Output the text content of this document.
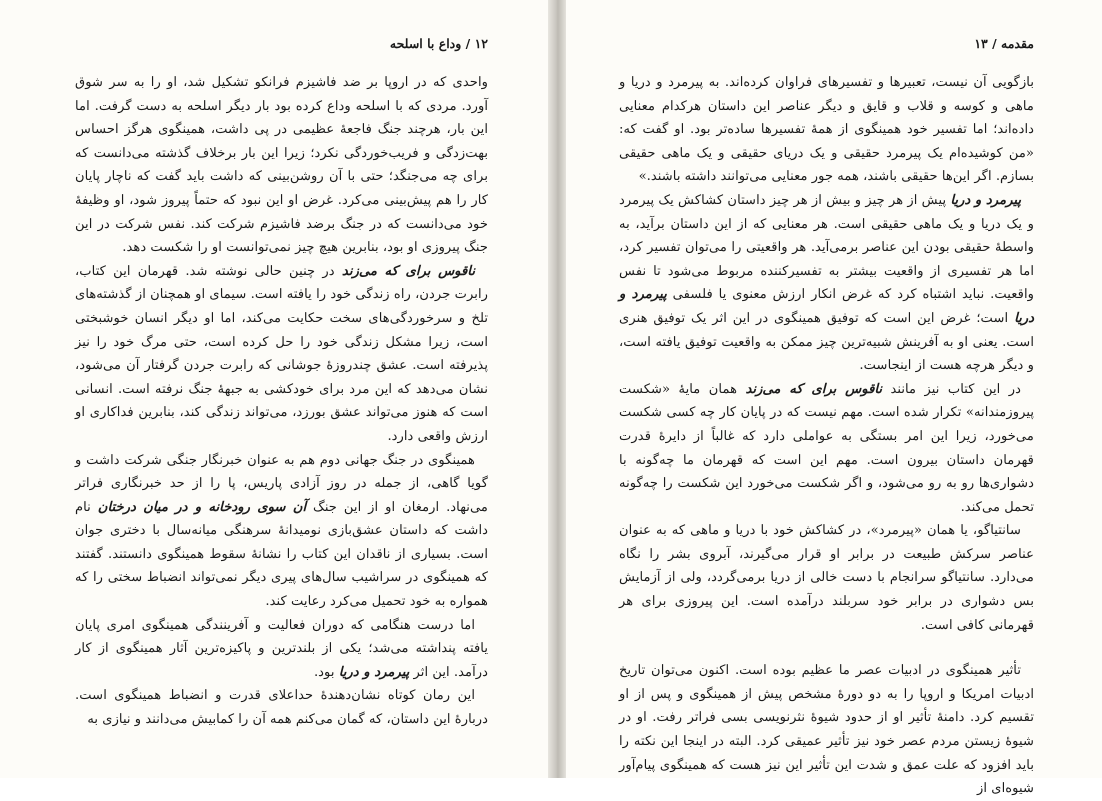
۱۲ / وداع با اسلحه

واحدی که در اروپا بر ضد فاشیزم فرانکو تشکیل شد، او را به سر شوق آورد. مردی که با اسلحه وداع کرده بود بار دیگر اسلحه به دست گرفت. اما این بار، هرچند جنگ فاجعهٔ عظیمی در پی داشت، همینگوی هرگز احساس بهت‌زدگی و فریب‌خوردگی نکرد؛ زیرا این بار برخلاف گذشته می‌دانست که برای چه می‌جنگد؛ حتی با آن روشن‌بینی که داشت باید گفت که ناچار پایان کار را هم پیش‌بینی می‌کرد. غرض او این نبود که حتماً پیروز شود، او وظیفهٔ خود می‌دانست که در جنگ برضد فاشیزم شرکت کند. نفس شرکت در این جنگ پیروزی او بود، بنابرین هیچ چیز نمی‌توانست او را شکست دهد.

ناقوس برای که می‌زند در چنین حالی نوشته شد. قهرمان این کتاب، رابرت جردن، راه زندگی خود را یافته است. سیمای او همچنان از گذشته‌های تلخ و سرخوردگی‌های سخت حکایت می‌کند، اما او دیگر انسان خوشبختی است، زیرا مشکل زندگی خود را حل کرده است، حتی مرگ خود را نیز پذیرفته است. عشق چندروزهٔ جوشانی که رابرت جردن گرفتار آن می‌شود، نشان می‌دهد که این مرد برای خودکشی به جبههٔ جنگ نرفته است. انسانی است که هنوز می‌تواند عشق بورزد، می‌تواند زندگی کند، بنابرین فداکاری او ارزش واقعی دارد.

همینگوی در جنگ جهانی دوم هم به عنوان خبرنگار جنگی شرکت داشت و گویا گاهی، از جمله در روز آزادی پاریس، پا را از حد خبرنگاری فراتر می‌نهاد. ارمغان او از این جنگ آن سوی رودخانه و در میان درختان نام داشت که داستان عشق‌بازی نومیدانهٔ سرهنگی میانه‌سال با دختری جوان است. بسیاری از ناقدان این کتاب را نشانهٔ سقوط همینگوی دانستند. گفتند که همینگوی در سراشیب سال‌های پیری دیگر نمی‌تواند انضباط سختی را که همواره به خود تحمیل می‌کرد رعایت کند.

اما درست هنگامی که دوران فعالیت و آفرینندگی همینگوی امری پایان یافته پنداشته می‌شد؛ یکی از بلندترین و پاکیزه‌ترین آثار همینگوی از کار درآمد. این اثر پیرمرد و دریا بود.

این رمان کوتاه نشان‌دهندهٔ حداعلای قدرت و انضباط همینگوی است. دربارهٔ این داستان، که گمان می‌کنم همه آن را کمابیش می‌دانند و نیازی به

مقدمه / ۱۳

بازگویی آن نیست، تعبیرها و تفسیرهای فراوان کرده‌اند. به پیرمرد و دریا و ماهی و کوسه و قلاب و قایق و دیگر عناصر این داستان هرکدام معنایی داده‌اند؛ اما تفسیر خود همینگوی از همهٔ تفسیرها ساده‌تر بود. او گفت که: «من کوشیده‌ام یک پیرمرد حقیقی و یک دریای حقیقی و یک ماهی حقیقی بسازم. اگر این‌ها حقیقی باشند، همه جور معنایی می‌توانند داشته باشند.»

پیرمرد و دریا پیش از هر چیز و بیش از هر چیز داستان کشاکش یک پیرمرد و یک دریا و یک ماهی حقیقی است. هر معنایی که از این داستان برآید، به واسطهٔ حقیقی بودن این عناصر برمی‌آید. هر واقعیتی را می‌توان تفسیر کرد، اما هر تفسیری از واقعیت بیشتر به تفسیرکننده مربوط می‌شود تا نفس واقعیت. نباید اشتباه کرد که غرض انکار ارزش معنوی یا فلسفی پیرمرد و دریا است؛ غرض این است که توفیق همینگوی در این اثر یک توفیق هنری است. یعنی او به آفرینش شبیه‌ترین چیز ممکن به واقعیت توفیق یافته است، و دیگر هرچه هست از اینجاست.

در این کتاب نیز مانند ناقوس برای که می‌زند همان مایهٔ «شکست پیروزمندانه» تکرار شده است. مهم نیست که در پایان کار چه کسی شکست می‌خورد، زیرا این امر بستگی به عواملی دارد که غالباً از دایرهٔ قدرت قهرمان داستان بیرون است. مهم این است که قهرمان ما چه‌گونه با دشواری‌ها رو به رو می‌شود، و اگر شکست می‌خورد این شکست را چه‌گونه تحمل می‌کند.

سانتیاگو، یا همان «پیرمرد»، در کشاکش خود با دریا و ماهی که به عنوان عناصر سرکش طبیعت در برابر او قرار می‌گیرند، آبروی بشر را نگاه می‌دارد. سانتیاگو سرانجام با دست خالی از دریا برمی‌گردد، ولی از آزمایش بس دشواری در برابر خود سربلند درآمده است. این پیروزی برای هر قهرمانی کافی است.

تأثیر همینگوی در ادبیات عصر ما عظیم بوده است. اکنون می‌توان تاریخ ادبیات امریکا و اروپا را به دو دورهٔ مشخص پیش از همینگوی و پس از او تقسیم کرد. دامنهٔ تأثیر او از حدود شیوهٔ نثرنویسی بسی فراتر رفت. او در شیوهٔ زیستن مردم عصر خود نیز تأثیر عمیقی کرد. البته در اینجا این نکته را باید افزود که علت عمق و شدت این تأثیر این نیز هست که همینگوی پیام‌آور شیوه‌ای از
